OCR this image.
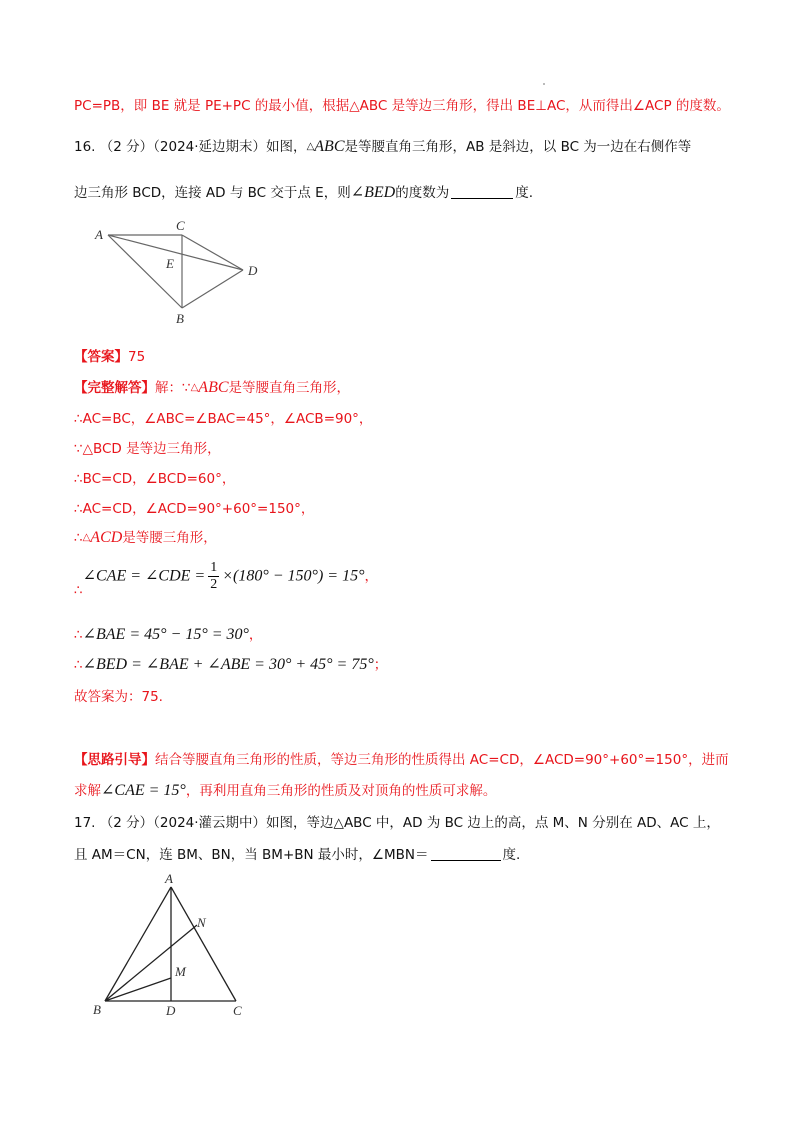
PC=PB，即 BE 就是 PE+PC 的最小值，根据△ABC 是等边三角形，得出 BE⊥AC，从而得出∠ACP 的度数。
16. （2 分）（2024·延边期末）如图，△ABC是等腰直角三角形，AB 是斜边，以 BC 为一边在右侧作等
边三角形 BCD，连接 AD 与 BC 交于点 E，则∠BED的度数为	度.
A
C
E	D
B
【答案】75
【完整解答】解：∵△ABC是等腰直角三角形，
∴AC=BC，∠ABC=∠BAC=45°，∠ACB=90°，
∵△BCD 是等边三角形，
∴BC=CD，∠BCD=60°，
∴AC=CD，∠ACD=90°+60°=150°，
∴△ACD是等腰三角形，
∴∠CAE = ∠CDE = $\frac{1}{2} \times(180^\circ - 150^\circ) = 15^\circ$，
∴∠BAE = 45° − 15° = 30°，
∴∠BED = ∠BAE + ∠ABE = 30° + 45° = 75°；
故答案为：75.
【思路引导】结合等腰直角三角形的性质，等边三角形的性质得出 AC=CD，∠ACD=90°+60°=150°，进而
求解∠CAE = 15°，再利用直角三角形的性质及对顶角的性质可求解。
17. （2 分）（2024·灌云期中）如图，等边△ABC 中，AD 为 BC 边上的高，点 M、N 分别在 AD、AC 上，
且 AM＝CN，连 BM、BN，当 BM+BN 最小时，∠MBN＝	度.
A
N
M
B	D	C
